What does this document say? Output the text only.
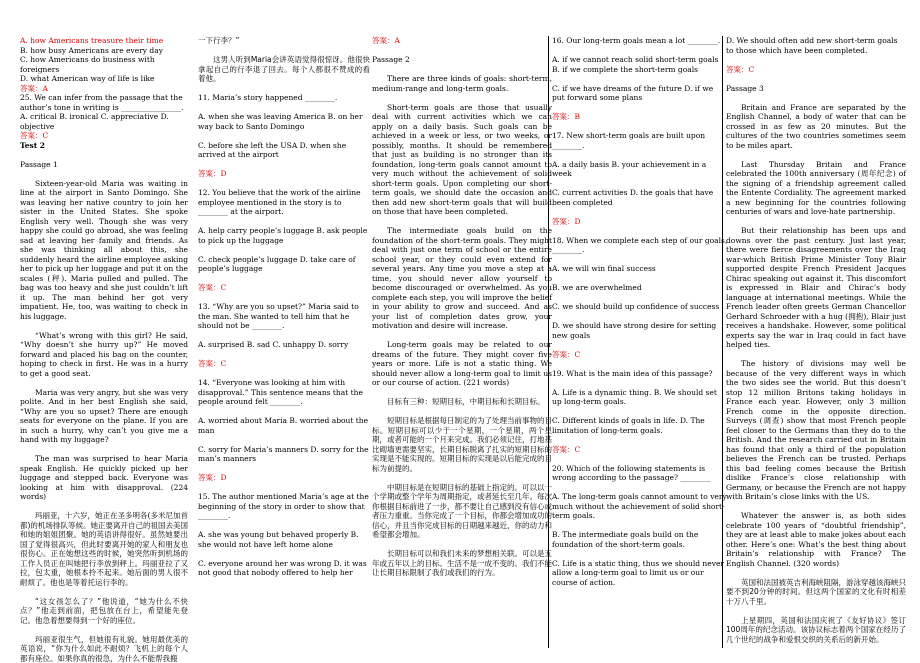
A. how Americans treasure their time

B. how busy Americans are every day

C. how Americans do business with foreigners

D. what American way of life is like

答案：A

25. We can infer from the passage that the author’s tone in writing is ________________.

A. critical B. ironical C. appreciative D. objective

答案：C

Test 2

Passage 1

Sixteen-year-old Maria was waiting in line at the airport in Santo Domingo. She was leaving her native country to join her sister in the United States. She spoke English very well. Though she was very happy she could go abroad, she was feeling sad at leaving her family and friends. As she was thinking all about this, she suddenly heard the airline employee asking her to pick up her luggage and put it on the scales (秤). Maria pulled and pulled. The bag was too heavy and she just couldn’t lift it up. The man behind her got very impatient. He, too, was waiting to check in his luggage.

“What’s wrong with this girl? He said, “Why doesn’t she hurry up?” He moved forward and placed his bag on the counter, hoping to check in first. He was in a hurry to get a good seat.

Maria was very angry, but she was very polite. And in her best English she said, “Why are you so upset? There are enough seats for everyone on the plane. If you are in such a hurry, why can’t you give me a hand with my luggage?

The man was surprised to hear Maria speak English. He quickly picked up her luggage and stepped back. Everyone was looking at him with disapproval. (224 words)

玛丽亚，十六岁，她正在圣多明各(多米尼加首都)的机场排队等候。她正要离开自己的祖国去美国和她的姐姐团聚。她的英语讲得很好。虽然她要出国了觉得很高兴，但此时要离开她的家人和朋友也很伤心。正在她想这些的时候，她突然听到机场的工作人员正在叫她把行李放到秤上。玛丽亚拉了又拉，包太重，她根本拎不起来。她后面的男人很不耐烦了。他也是等着托运行李的。

“这女孩怎么了？”他说道，“她为什么不快点？”他走到前面，把包放在台上，希望能先登记。他急着想要得到一个好的座位。

玛丽亚很生气，但她很有礼貌。她用最优美的英语说，“你为什么如此不耐烦？飞机上的每个人都有座位。如果你真的很急，为什么不能帮我搬

一下行李？”

这男人听到Maria会讲英语觉得很惊讶。他很快拿起自己的行李退了回去。每个人都很不赞成的看着他。

11. Maria’s story happened ________.

A. when she was leaving America B. on her way back to Santo Domingo

C. before she left the USA D. when she arrived at the airport

答案：D

12. You believe that the work of the airline employee mentioned in the story is to ________ at the airport.

A. help carry people’s luggage B. ask people to pick up the luggage

C. check people’s luggage D. take care of people’s luggage

答案：C

13. “Why are you so upset?” Maria said to the man. She wanted to tell him that he should not be ________.

A. surprised B. sad C. unhappy D. sorry

答案：C

14. “Everyone was looking at him with disapproval.” This sentence means that the people around felt ________.

A. worried about Maria B. worried about the man

C. sorry for Maria’s manners D. sorry for the man’s manners

答案：D

15. The author mentioned Maria’s age at the beginning of the story in order to show that ________.

A. she was young but behaved properly B. she would not have left home alone

C. everyone around her was wrong D. it was not good that nobody offered to help her

答案：A

Passage 2

There are three kinds of goals: short-term, medium-range and long-term goals.

Short-term goals are those that usually deal with current activities which we can apply on a daily basis. Such goals can be achieved in a week or less, or two weeks, or possibly, months. It should be remembered that just as building is no stronger than its foundation, long-term goals cannot amount to very much without the achievement of solid short-term goals. Upon completing our short-term goals, we should date the occasion and then add new short-term goals that will build on those that have been completed.

The intermediate goals build on the foundation of the short-term goals. They might deal with just one term of school or the entire school year, or they could even extend for several years. Any time you move a step at a time, you should never allow yourself to become discouraged or overwhelmed. As you complete each step, you will improve the belief in your ability to grow and succeed. And as your list of completion dates grow, your motivation and desire will increase.

Long-term goals may be related to our dreams of the future. They might cover five years or more. Life is not a static thing. We should never allow a long-term goal to limit us or our course of action. (221 words)

目标有三种：短期目标，中期目标和长期目标。

短期目标是根据每日制定的为了处理当前事物的目标。短期目标可以少于一个星期，一个星期，两个星期，或者可能的一个月来完成。我们必须记住，打地基比砌墙更需要坚实，长期目标脱离了扎实的短期目标的实现是不能实现的。短期目标的实现是以后能完成的目标为前提的。

中期目标是在短期目标的基础上指定的。可以以一个学期或整个学年为周期指定，或者延长至几年。每次你根据目标前进了一步，都不要让自己感到没有信心或者压力重重。当你完成了一个目标，你都会增加成功的信心，并且当你完成目标的日期越来越近，你的动力和希望都会增加。

长期目标可以和我们未来的梦想相关联。可以是五年或五年以上的目标。生活不是一成不变的。我们不能让长期目标限制了我们或我们的行为。

16. Our long-term goals mean a lot ________.

A. if we cannot reach solid short-term goals B. if we complete the short-term goals

C. if we have dreams of the future D. if we put forward some plans

答案：B

17. New short-term goals are built upon ________.

A. a daily basis B. your achievement in a week

C. current activities D. the goals that have been completed

答案：D

18. When we complete each step of our goals, ________.

A. we will win final success

B. we are overwhelmed

C. we should build up confidence of success

D. we should have strong desire for setting new goals

答案：C

19. What is the main idea of this passage?

A. Life is a dynamic thing. B. We should set up long-term goals.

C. Different kinds of goals in life. D. The limitation of long-term goals.

答案：C

20. Which of the following statements is wrong according to the passage? ________

A. The long-term goals cannot amount to very much without the achievement of solid short-term goals.

B. The intermediate goals build on the foundation of the short-term goals.

C. Life is a static thing, thus we should never allow a long-term goal to limit us or our course of action.

D. We should often add new short-term goals to those which have been completed.

答案：C

Passage 3

Britain and France are separated by the English Channel, a body of water that can be crossed in as few as 20 minutes. But the cultures of the two countries sometimes seem to be miles apart.

Last Thursday Britain and France celebrated the 100th anniversary (周年纪念) of the signing of a friendship agreement called the Entente Cordiality. The agreement marked a new beginning for the countries following centuries of wars and love-hate partnership.

But their relationship has been ups and downs over the past century. Just last year, there were fierce disagreements over the Iraq war-which British Prime Minister Tony Blair supported despite French President Jacques Chirac speaking out against it. This discomfort is expressed in Blair and Chirac’s body language at international meetings. While the French leader often greets German Chancellor Gerhard Schroeder with a hug (拥抱), Blair just receives a handshake. However, some political experts say the war in Iraq could in fact have helped ties.

The history of divisions may well be because of the very different ways in which the two sides see the world. But this doesn’t stop 12 million Britons taking holidays in France each year. However, only 3 million French come in the opposite direction. Surveys (调查) show that most French people feel closer to the Germans than they do to the British. And the research carried out in Britain has found that only a third of the population believes the French can be trusted. Perhaps this bad feeling comes because the British dislike France’s close relationship with Germany, or because the French are not happy with Britain’s close links with the US.

Whatever the answer is, as both sides celebrate 100 years of “doubtful friendship”, they are at least able to make jokes about each other. Here’s one: What’s the best thing about Britain’s relationship with France? The English Channel. (320 words)

英国和法国被英吉利海峡阻隔，游泳穿越该海峡只要不到20分钟的时间。但这两个国家的文化有时相差十万八千里。

上星期四，英国和法国庆祝了《友好协议》签订100周年的纪念活动。该协议标志着两个国家在经历了几个世纪的战争和爱恨交织的关系后的新开始。
